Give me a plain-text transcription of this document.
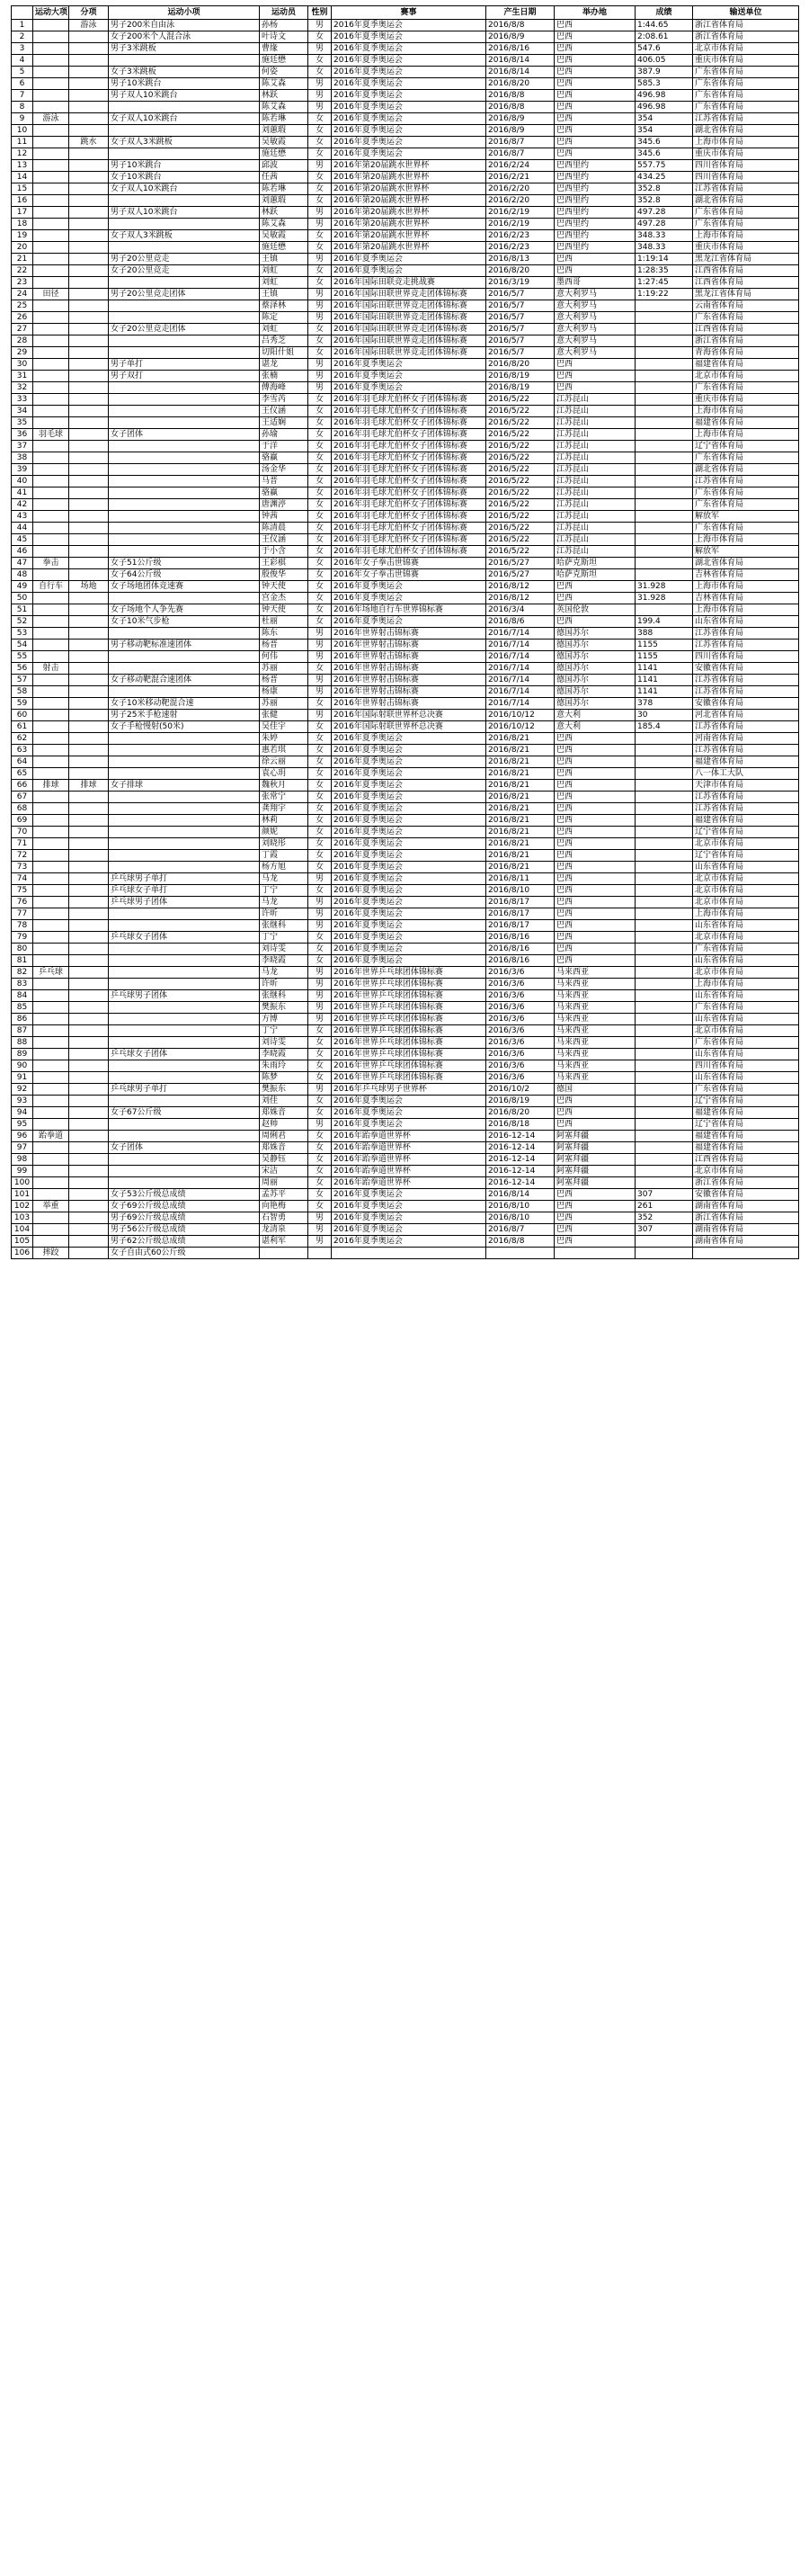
	运动大项	分项	运动小项	运动员	性别	赛事	产生日期	举办地	成绩	输送单位
1		游泳	男子200米自由泳	孙杨	男	2016年夏季奥运会	2016/8/8	巴西	1:44.65	浙江省体育局
2			女子200米个人混合泳	叶诗文	女	2016年夏季奥运会	2016/8/9	巴西	2:08.61	浙江省体育局
3			男子3米跳板	曹缘	男	2016年夏季奥运会	2016/8/16	巴西	547.6	北京市体育局
4				施廷懋	女	2016年夏季奥运会	2016/8/14	巴西	406.05	重庆市体育局
5			女子3米跳板	何姿	女	2016年夏季奥运会	2016/8/14	巴西	387.9	广东省体育局
6			男子10米跳台	陈艾森	男	2016年夏季奥运会	2016/8/20	巴西	585.3	广东省体育局
7			男子双人10米跳台	林跃	男	2016年夏季奥运会	2016/8/8	巴西	496.98	广东省体育局
8				陈艾森	男	2016年夏季奥运会	2016/8/8	巴西	496.98	广东省体育局
9	游泳		女子双人10米跳台	陈若琳	女	2016年夏季奥运会	2016/8/9	巴西	354	江苏省体育局
10				刘蕙瑕	女	2016年夏季奥运会	2016/8/9	巴西	354	湖北省体育局
11		跳水	女子双人3米跳板	吴敏霞	女	2016年夏季奥运会	2016/8/7	巴西	345.6	上海市体育局
12				施廷懋	女	2016年夏季奥运会	2016/8/7	巴西	345.6	重庆市体育局
13			男子10米跳台	邱波	男	2016年第20届跳水世界杯	2016/2/24	巴西里约	557.75	四川省体育局
14			女子10米跳台	任茜	女	2016年第20届跳水世界杯	2016/2/21	巴西里约	434.25	四川省体育局
15			女子双人10米跳台	陈若琳	女	2016年第20届跳水世界杯	2016/2/20	巴西里约	352.8	江苏省体育局
16				刘蕙瑕	女	2016年第20届跳水世界杯	2016/2/20	巴西里约	352.8	湖北省体育局
17			男子双人10米跳台	林跃	男	2016年第20届跳水世界杯	2016/2/19	巴西里约	497.28	广东省体育局
18				陈艾森	男	2016年第20届跳水世界杯	2016/2/19	巴西里约	497.28	广东省体育局
19			女子双人3米跳板	吴敏霞	女	2016年第20届跳水世界杯	2016/2/23	巴西里约	348.33	上海市体育局
20				施廷懋	女	2016年第20届跳水世界杯	2016/2/23	巴西里约	348.33	重庆市体育局
21			男子20公里竞走	王镇	男	2016年夏季奥运会	2016/8/13	巴西	1:19:14	黑龙江省体育局
22			女子20公里竞走	刘虹	女	2016年夏季奥运会	2016/8/20	巴西	1:28:35	江西省体育局
23				刘虹	女	2016年国际田联竞走挑战赛	2016/3/19	墨西哥	1:27:45	江西省体育局
24	田径		男子20公里竞走团体	王镇	男	2016年国际田联世界竞走团体锦标赛	2016/5/7	意大利罗马	1:19:22	黑龙江省体育局
25				蔡泽林	男	2016年国际田联世界竞走团体锦标赛	2016/5/7	意大利罗马		云南省体育局
26				陈定	男	2016年国际田联世界竞走团体锦标赛	2016/5/7	意大利罗马		广东省体育局
27			女子20公里竞走团体	刘虹	女	2016年国际田联世界竞走团体锦标赛	2016/5/7	意大利罗马		江西省体育局
28				吕秀芝	女	2016年国际田联世界竞走团体锦标赛	2016/5/7	意大利罗马		浙江省体育局
29				切阳什姐	女	2016年国际田联世界竞走团体锦标赛	2016/5/7	意大利罗马		青海省体育局
30			男子单打	谌龙	男	2016年夏季奥运会	2016/8/20	巴西		福建省体育局
31			男子双打	张楠	男	2016年夏季奥运会	2016/8/19	巴西		北京市体育局
32				傅海峰	男	2016年夏季奥运会	2016/8/19	巴西		广东省体育局
33				李雪芮	女	2016年羽毛球尤伯杯女子团体锦标赛	2016/5/22	江苏昆山		重庆市体育局
34				王仪涵	女	2016年羽毛球尤伯杯女子团体锦标赛	2016/5/22	江苏昆山		上海市体育局
35				王适娴	女	2016年羽毛球尤伯杯女子团体锦标赛	2016/5/22	江苏昆山		福建省体育局
36	羽毛球		女子团体	孙瑜	女	2016年羽毛球尤伯杯女子团体锦标赛	2016/5/22	江苏昆山		上海市体育局
37				于洋	女	2016年羽毛球尤伯杯女子团体锦标赛	2016/5/22	江苏昆山		辽宁省体育局
38				骆赢	女	2016年羽毛球尤伯杯女子团体锦标赛	2016/5/22	江苏昆山		广东省体育局
39				汤金华	女	2016年羽毛球尤伯杯女子团体锦标赛	2016/5/22	江苏昆山		湖北省体育局
40				马晋	女	2016年羽毛球尤伯杯女子团体锦标赛	2016/5/22	江苏昆山		江苏省体育局
41				骆赢	女	2016年羽毛球尤伯杯女子团体锦标赛	2016/5/22	江苏昆山		广东省体育局
42				唐渊渟	女	2016年羽毛球尤伯杯女子团体锦标赛	2016/5/22	江苏昆山		广东省体育局
43				钟茜	女	2016年羽毛球尤伯杯女子团体锦标赛	2016/5/22	江苏昆山		解放军
44				陈清晨	女	2016年羽毛球尤伯杯女子团体锦标赛	2016/5/22	江苏昆山		广东省体育局
45				王仪涵	女	2016年羽毛球尤伯杯女子团体锦标赛	2016/5/22	江苏昆山		上海市体育局
46				于小含	女	2016年羽毛球尤伯杯女子团体锦标赛	2016/5/22	江苏昆山		解放军
47	拳击		女子51公斤级	王彩棋	女	2016年女子拳击世锦赛	2016/5/27	哈萨克斯坦		湖北省体育局
48			女子64公斤级	殷俊华	女	2016年女子拳击世锦赛	2016/5/27	哈萨克斯坦		吉林省体育局
49	自行车	场地	女子场地团体竞速赛	钟天使	女	2016年夏季奥运会	2016/8/12	巴西	31.928	上海市体育局
50				宫金杰	女	2016年夏季奥运会	2016/8/12	巴西	31.928	吉林省体育局
51			女子场地个人争先赛	钟天使	女	2016年场地自行车世界锦标赛	2016/3/4	英国伦敦		上海市体育局
52			女子10米气步枪	杜丽	女	2016年夏季奥运会	2016/8/6	巴西	199.4	山东省体育局
53				陈东	男	2016年世界射击锦标赛	2016/7/14	德国苏尔	388	江苏省体育局
54			男子移动靶标准速团体	杨晋	男	2016年世界射击锦标赛	2016/7/14	德国苏尔	1155	江苏省体育局
55				何伟	男	2016年世界射击锦标赛	2016/7/14	德国苏尔	1155	四川省体育局
56	射击			苏丽	女	2016年世界射击锦标赛	2016/7/14	德国苏尔	1141	安徽省体育局
57			女子移动靶混合速团体	杨晋	男	2016年世界射击锦标赛	2016/7/14	德国苏尔	1141	江苏省体育局
58				杨康	男	2016年世界射击锦标赛	2016/7/14	德国苏尔	1141	江苏省体育局
59			女子10米移动靶混合速	苏丽	女	2016年世界射击锦标赛	2016/7/14	德国苏尔	378	安徽省体育局
60			男子25米手枪速射	张健	男	2016年国际射联世界杯总决赛	2016/10/12	意大利	30	河北省体育局
61			女子手枪慢射(50米)	吴佳宇	女	2016年国际射联世界杯总决赛	2016/10/12	意大利	185.4	江苏省体育局
62				朱婷	女	2016年夏季奥运会	2016/8/21	巴西		河南省体育局
63				惠若琪	女	2016年夏季奥运会	2016/8/21	巴西		江苏省体育局
64				徐云丽	女	2016年夏季奥运会	2016/8/21	巴西		福建省体育局
65				袁心玥	女	2016年夏季奥运会	2016/8/21	巴西		八一体工大队
66	排球	排球	女子排球	魏秋月	女	2016年夏季奥运会	2016/8/21	巴西		天津市体育局
67				张常宁	女	2016年夏季奥运会	2016/8/21	巴西		江苏省体育局
68				龚翔宇	女	2016年夏季奥运会	2016/8/21	巴西		江苏省体育局
69				林莉	女	2016年夏季奥运会	2016/8/21	巴西		福建省体育局
70				颜妮	女	2016年夏季奥运会	2016/8/21	巴西		辽宁省体育局
71				刘晓彤	女	2016年夏季奥运会	2016/8/21	巴西		北京市体育局
72				丁霞	女	2016年夏季奥运会	2016/8/21	巴西		辽宁省体育局
73				杨方旭	女	2016年夏季奥运会	2016/8/21	巴西		山东省体育局
74			乒乓球男子单打	马龙	男	2016年夏季奥运会	2016/8/11	巴西		北京市体育局
75			乒乓球女子单打	丁宁	女	2016年夏季奥运会	2016/8/10	巴西		北京市体育局
76			乒乓球男子团体	马龙	男	2016年夏季奥运会	2016/8/17	巴西		北京市体育局
77				许昕	男	2016年夏季奥运会	2016/8/17	巴西		上海市体育局
78				张继科	男	2016年夏季奥运会	2016/8/17	巴西		山东省体育局
79			乒乓球女子团体	丁宁	女	2016年夏季奥运会	2016/8/16	巴西		北京市体育局
80				刘诗雯	女	2016年夏季奥运会	2016/8/16	巴西		广东省体育局
81				李晓霞	女	2016年夏季奥运会	2016/8/16	巴西		山东省体育局
82	乒乓球			马龙	男	2016年世界乒乓球团体锦标赛	2016/3/6	马来西亚		北京市体育局
83				许昕	男	2016年世界乒乓球团体锦标赛	2016/3/6	马来西亚		上海市体育局
84			乒乓球男子团体	张继科	男	2016年世界乒乓球团体锦标赛	2016/3/6	马来西亚		山东省体育局
85				樊振东	男	2016年世界乒乓球团体锦标赛	2016/3/6	马来西亚		广东省体育局
86				方博	男	2016年世界乒乓球团体锦标赛	2016/3/6	马来西亚		山东省体育局
87				丁宁	女	2016年世界乒乓球团体锦标赛	2016/3/6	马来西亚		北京市体育局
88				刘诗雯	女	2016年世界乒乓球团体锦标赛	2016/3/6	马来西亚		广东省体育局
89			乒乓球女子团体	李晓霞	女	2016年世界乒乓球团体锦标赛	2016/3/6	马来西亚		山东省体育局
90				朱雨玲	女	2016年世界乒乓球团体锦标赛	2016/3/6	马来西亚		四川省体育局
91				陈梦	女	2016年世界乒乓球团体锦标赛	2016/3/6	马来西亚		山东省体育局
92			乒乓球男子单打	樊振东	男	2016年乒乓球男子世界杯	2016/10/2	德国		广东省体育局
93				刘佳	女	2016年夏季奥运会	2016/8/19	巴西		辽宁省体育局
94			女子67公斤级	郑姝音	女	2016年夏季奥运会	2016/8/20	巴西		福建省体育局
95				赵帅	男	2016年夏季奥运会	2016/8/18	巴西		辽宁省体育局
96	跆拳道			周俐君	女	2016年跆拳道世界杯	2016-12-14	阿塞拜疆		福建省体育局
97			女子团体	郑姝音	女	2016年跆拳道世界杯	2016-12-14	阿塞拜疆		福建省体育局
98				吴静钰	女	2016年跆拳道世界杯	2016-12-14	阿塞拜疆		江西省体育局
99				宋洁	女	2016年跆拳道世界杯	2016-12-14	阿塞拜疆		北京市体育局
100				周丽	女	2016年跆拳道世界杯	2016-12-14	阿塞拜疆		浙江省体育局
101			女子53公斤级总成绩	孟苏平	女	2016年夏季奥运会	2016/8/14	巴西	307	安徽省体育局
102	举重		女子69公斤级总成绩	向艳梅	女	2016年夏季奥运会	2016/8/10	巴西	261	湖南省体育局
103			男子69公斤级总成绩	石智勇	男	2016年夏季奥运会	2016/8/10	巴西	352	浙江省体育局
104			男子56公斤级总成绩	龙清泉	男	2016年夏季奥运会	2016/8/7	巴西	307	湖南省体育局
105			男子62公斤级总成绩	谌利军	男	2016年夏季奥运会	2016/8/8	巴西		湖南省体育局
106	摔跤		女子自由式60公斤级							
